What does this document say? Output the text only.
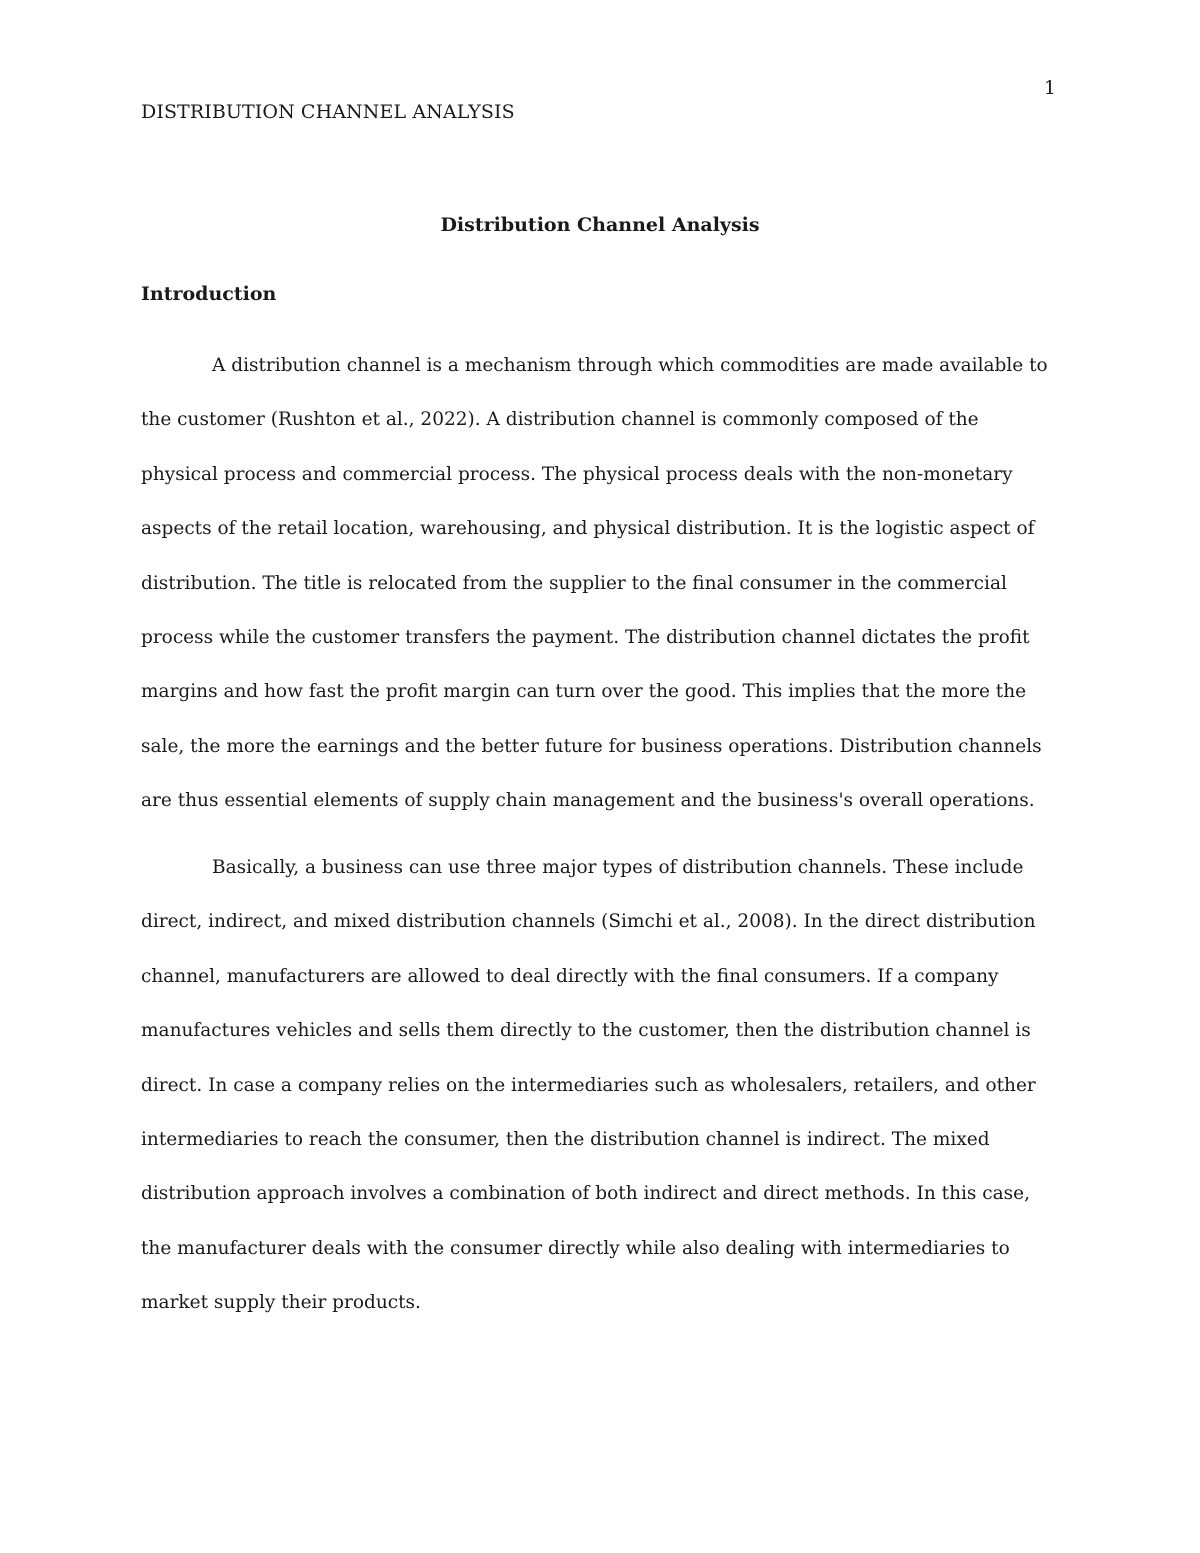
1
DISTRIBUTION CHANNEL ANALYSIS
Distribution Channel Analysis
Introduction
A distribution channel is a mechanism through which commodities are made available to
the customer (Rushton et al., 2022). A distribution channel is commonly composed of the
physical process and commercial process. The physical process deals with the non-monetary
aspects of the retail location, warehousing, and physical distribution. It is the logistic aspect of
distribution. The title is relocated from the supplier to the final consumer in the commercial
process while the customer transfers the payment. The distribution channel dictates the profit
margins and how fast the profit margin can turn over the good. This implies that the more the
sale, the more the earnings and the better future for business operations. Distribution channels
are thus essential elements of supply chain management and the business's overall operations.
Basically, a business can use three major types of distribution channels. These include
direct, indirect, and mixed distribution channels (Simchi et al., 2008). In the direct distribution
channel, manufacturers are allowed to deal directly with the final consumers. If a company
manufactures vehicles and sells them directly to the customer, then the distribution channel is
direct. In case a company relies on the intermediaries such as wholesalers, retailers, and other
intermediaries to reach the consumer, then the distribution channel is indirect. The mixed
distribution approach involves a combination of both indirect and direct methods. In this case,
the manufacturer deals with the consumer directly while also dealing with intermediaries to
market supply their products.
